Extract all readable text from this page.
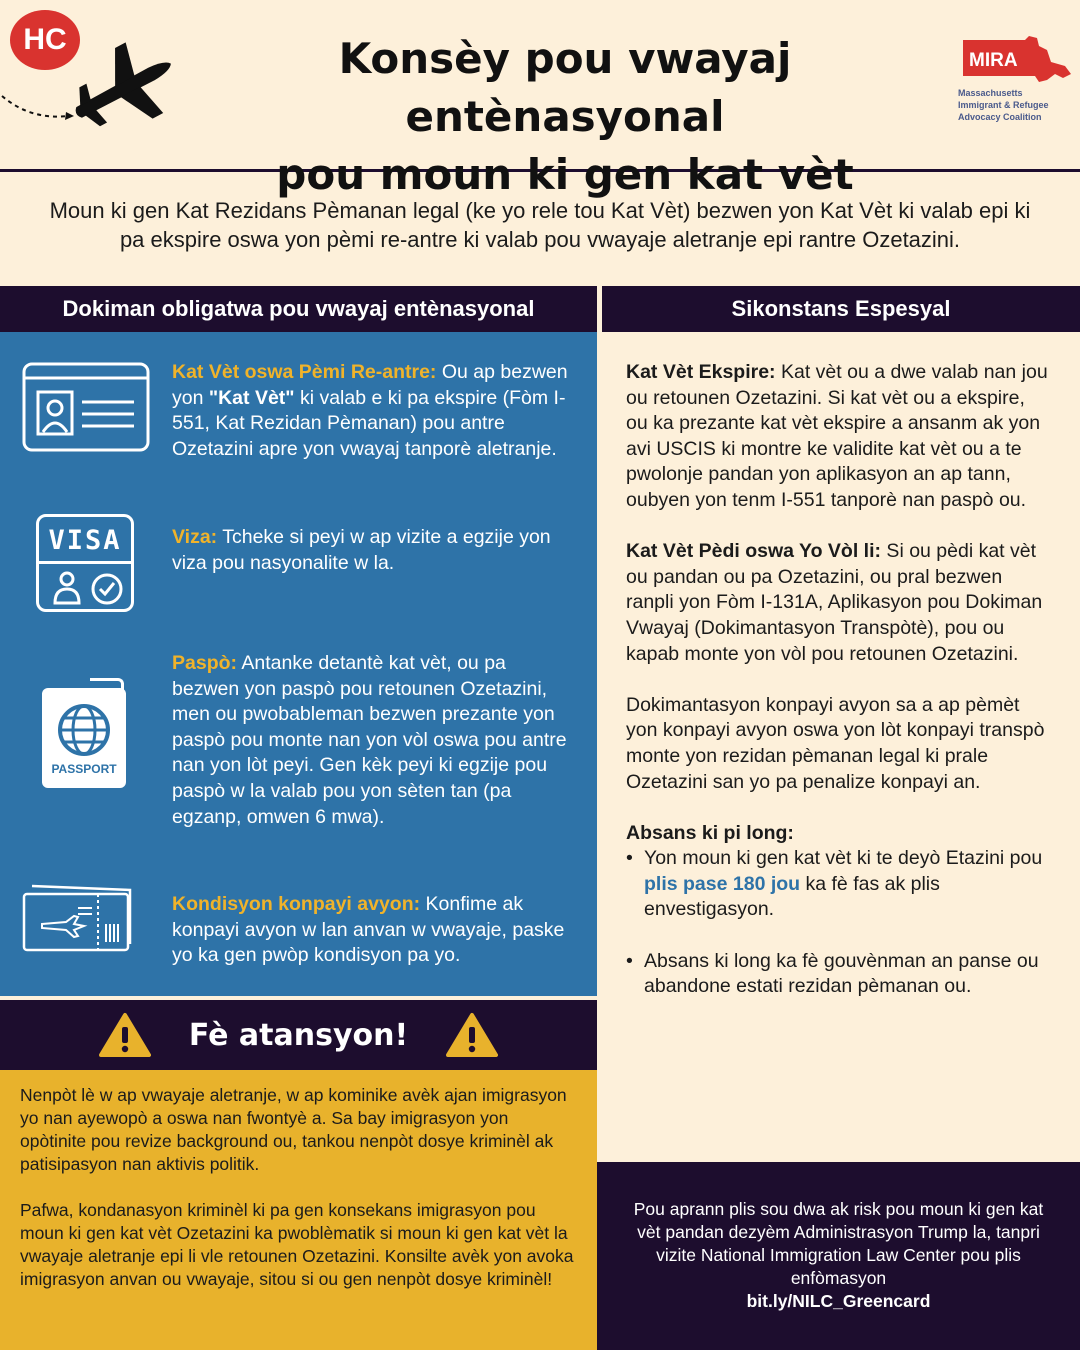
HC	Konsèy pou vwayaj entènasyonal
pou moun ki gen kat vèt
MIRA
Massachusetts
Immigrant & Refugee
Advocacy Coalition
Moun ki gen Kat Rezidans Pèmanan legal (ke yo rele tou Kat Vèt) bezwen yon Kat Vèt ki valab epi ki pa ekspire oswa yon pèmi re-antre ki valab pou vwayaje aletranje epi rantre Ozetazini.
Dokiman obligatwa pou vwayaj entènasyonal	Sikonstans Espesyal
Kat Vèt oswa Pèmi Re-antre: Ou ap bezwen yon "Kat Vèt" ki valab e ki pa ekspire (Fòm I-551, Kat Rezidan Pèmanan) pou antre Ozetazini apre yon vwayaj tanporè aletranje.
VISA	Viza: Tcheke si peyi w ap vizite a egzije yon viza pou nasyonalite w la.
PASSPORT
Paspò: Antanke detantè kat vèt, ou pa bezwen yon paspò pou retounen Ozetazini, men ou pwobableman bezwen prezante yon paspò pou monte nan yon vòl oswa pou antre nan yon lòt peyi. Gen kèk peyi ki egzije pou paspò w la valab pou yon sèten tan (pa egzanp, omwen 6 mwa).
Kondisyon konpayi avyon: Konfime ak konpayi avyon w lan anvan w vwayaje, paske yo ka gen pwòp kondisyon pa yo.
Fè atansyon!

Nenpòt lè w ap vwayaje aletranje, w ap kominike avèk ajan imigrasyon yo nan ayewopò a oswa nan fwontyè a. Sa bay imigrasyon yon opòtinite pou revize background ou, tankou nenpòt dosye kriminèl ak patisipasyon nan aktivis politik.

Pafwa, kondanasyon kriminèl ki pa gen konsekans imigrasyon pou moun ki gen kat vèt Ozetazini ka pwoblèmatik si moun ki gen kat vèt la vwayaje aletranje epi li vle retounen Ozetazini. Konsilte avèk yon avoka imigrasyon anvan ou vwayaje, sitou si ou gen nenpòt dosye kriminèl!

Kat Vèt Ekspire: Kat vèt ou a dwe valab nan jou ou retounen Ozetazini. Si kat vèt ou a ekspire, ou ka prezante kat vèt ekspire a ansanm ak yon avi USCIS ki montre ke validite kat vèt ou a te pwolonje pandan yon aplikasyon an ap tann, oubyen yon tenm I-551 tanporè nan paspò ou.

Kat Vèt Pèdi oswa Yo Vòl li: Si ou pèdi kat vèt ou pandan ou pa Ozetazini, ou pral bezwen ranpli yon Fòm I-131A, Aplikasyon pou Dokiman Vwayaj (Dokimantasyon Transpòtè), pou ou kapab monte yon vòl pou retounen Ozetazini.

Dokimantasyon konpayi avyon sa a ap pèmèt yon konpayi avyon oswa yon lòt konpayi transpò monte yon rezidan pèmanan legal ki prale Ozetazini san yo pa penalize konpayi an.

Absans ki pi long:
• Yon moun ki gen kat vèt ki te deyò Etazini pou plis pase 180 jou ka fè fas ak plis envestigasyon.
• Absans ki long ka fè gouvènman an panse ou abandone estati rezidan pèmanan ou.
Pou aprann plis sou dwa ak risk pou moun ki gen kat vèt pandan dezyèm Administrasyon Trump la, tanpri vizite National Immigration Law Center pou plis enfòmasyon
bit.ly/NILC_Greencard
